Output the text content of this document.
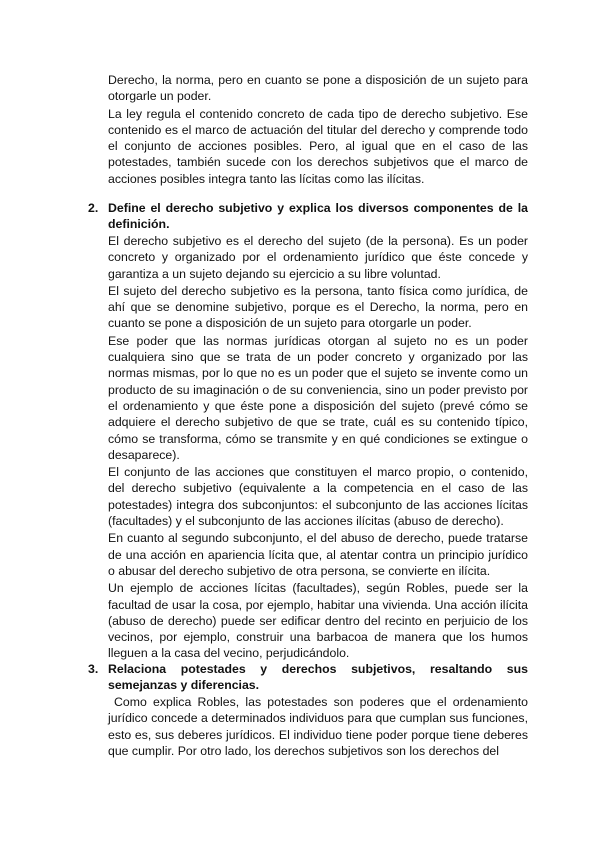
Derecho, la norma, pero en cuanto se pone a disposición de un sujeto para otorgarle un poder.

La ley regula el contenido concreto de cada tipo de derecho subjetivo. Ese contenido es el marco de actuación del titular del derecho y comprende todo el conjunto de acciones posibles. Pero, al igual que en el caso de las potestades, también sucede con los derechos subjetivos que el marco de acciones posibles integra tanto las lícitas como las ilícitas.

2. Define el derecho subjetivo y explica los diversos componentes de la definición.

El derecho subjetivo es el derecho del sujeto (de la persona). Es un poder concreto y organizado por el ordenamiento jurídico que éste concede y garantiza a un sujeto dejando su ejercicio a su libre voluntad.

El sujeto del derecho subjetivo es la persona, tanto física como jurídica, de ahí que se denomine subjetivo, porque es el Derecho, la norma, pero en cuanto se pone a disposición de un sujeto para otorgarle un poder.

Ese poder que las normas jurídicas otorgan al sujeto no es un poder cualquiera sino que se trata de un poder concreto y organizado por las normas mismas, por lo que no es un poder que el sujeto se invente como un producto de su imaginación o de su conveniencia, sino un poder previsto por el ordenamiento y que éste pone a disposición del sujeto (prevé cómo se adquiere el derecho subjetivo de que se trate, cuál es su contenido típico, cómo se transforma, cómo se transmite y en qué condiciones se extingue o desaparece).

El conjunto de las acciones que constituyen el marco propio, o contenido, del derecho subjetivo (equivalente a la competencia en el caso de las potestades) integra dos subconjuntos: el subconjunto de las acciones lícitas (facultades) y el subconjunto de las acciones ilícitas (abuso de derecho).

En cuanto al segundo subconjunto, el del abuso de derecho, puede tratarse de una acción en apariencia lícita que, al atentar contra un principio jurídico o abusar del derecho subjetivo de otra persona, se convierte en ilícita.

Un ejemplo de acciones lícitas (facultades), según Robles, puede ser la facultad de usar la cosa, por ejemplo, habitar una vivienda. Una acción ilícita (abuso de derecho) puede ser edificar dentro del recinto en perjuicio de los vecinos, por ejemplo, construir una barbacoa de manera que los humos lleguen a la casa del vecino, perjudicándolo.

3. Relaciona potestades y derechos subjetivos, resaltando sus semejanzas y diferencias.

Como explica Robles, las potestades son poderes que el ordenamiento jurídico concede a determinados individuos para que cumplan sus funciones, esto es, sus deberes jurídicos. El individuo tiene poder porque tiene deberes que cumplir. Por otro lado, los derechos subjetivos son los derechos del
